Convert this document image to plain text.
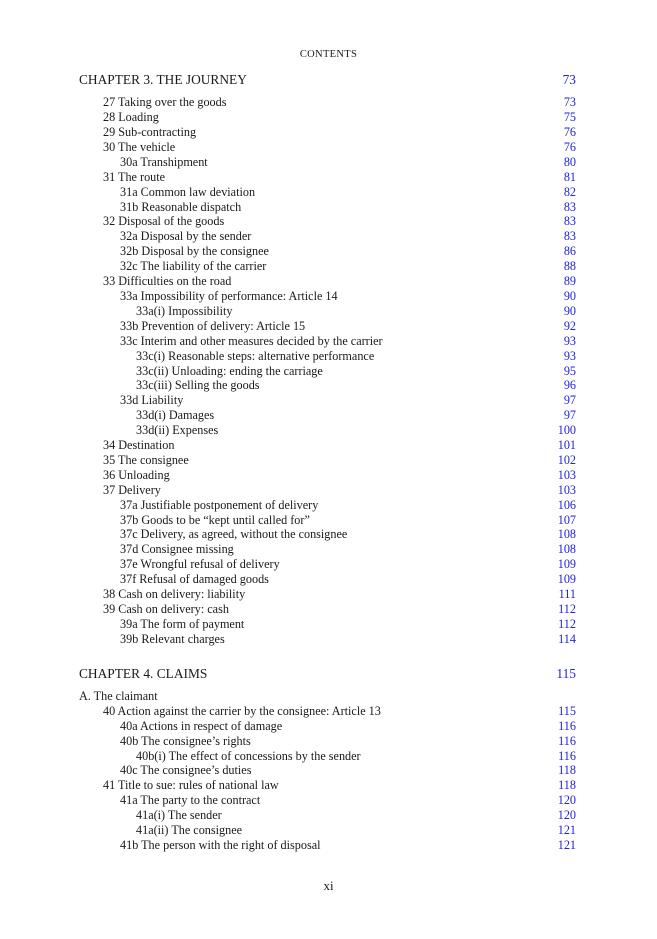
CONTENTS
CHAPTER 3. THE JOURNEY	73
27 Taking over the goods	73
28 Loading	75
29 Sub-contracting	76
30 The vehicle	76
30a Transhipment	80
31 The route	81
31a Common law deviation	82
31b Reasonable dispatch	83
32 Disposal of the goods	83
32a Disposal by the sender	83
32b Disposal by the consignee	86
32c The liability of the carrier	88
33 Difficulties on the road	89
33a Impossibility of performance: Article 14	90
33a(i) Impossibility	90
33b Prevention of delivery: Article 15	92
33c Interim and other measures decided by the carrier	93
33c(i) Reasonable steps: alternative performance	93
33c(ii) Unloading: ending the carriage	95
33c(iii) Selling the goods	96
33d Liability	97
33d(i) Damages	97
33d(ii) Expenses	100
34 Destination	101
35 The consignee	102
36 Unloading	103
37 Delivery	103
37a Justifiable postponement of delivery	106
37b Goods to be “kept until called for”	107
37c Delivery, as agreed, without the consignee	108
37d Consignee missing	108
37e Wrongful refusal of delivery	109
37f Refusal of damaged goods	109
38 Cash on delivery: liability	111
39 Cash on delivery: cash	112
39a The form of payment	112
39b Relevant charges	114
CHAPTER 4. CLAIMS	115
A. The claimant
40 Action against the carrier by the consignee: Article 13	115
40a Actions in respect of damage	116
40b The consignee’s rights	116
40b(i) The effect of concessions by the sender	116
40c The consignee’s duties	118
41 Title to sue: rules of national law	118
41a The party to the contract	120
41a(i) The sender	120
41a(ii) The consignee	121
41b The person with the right of disposal	121
xi
